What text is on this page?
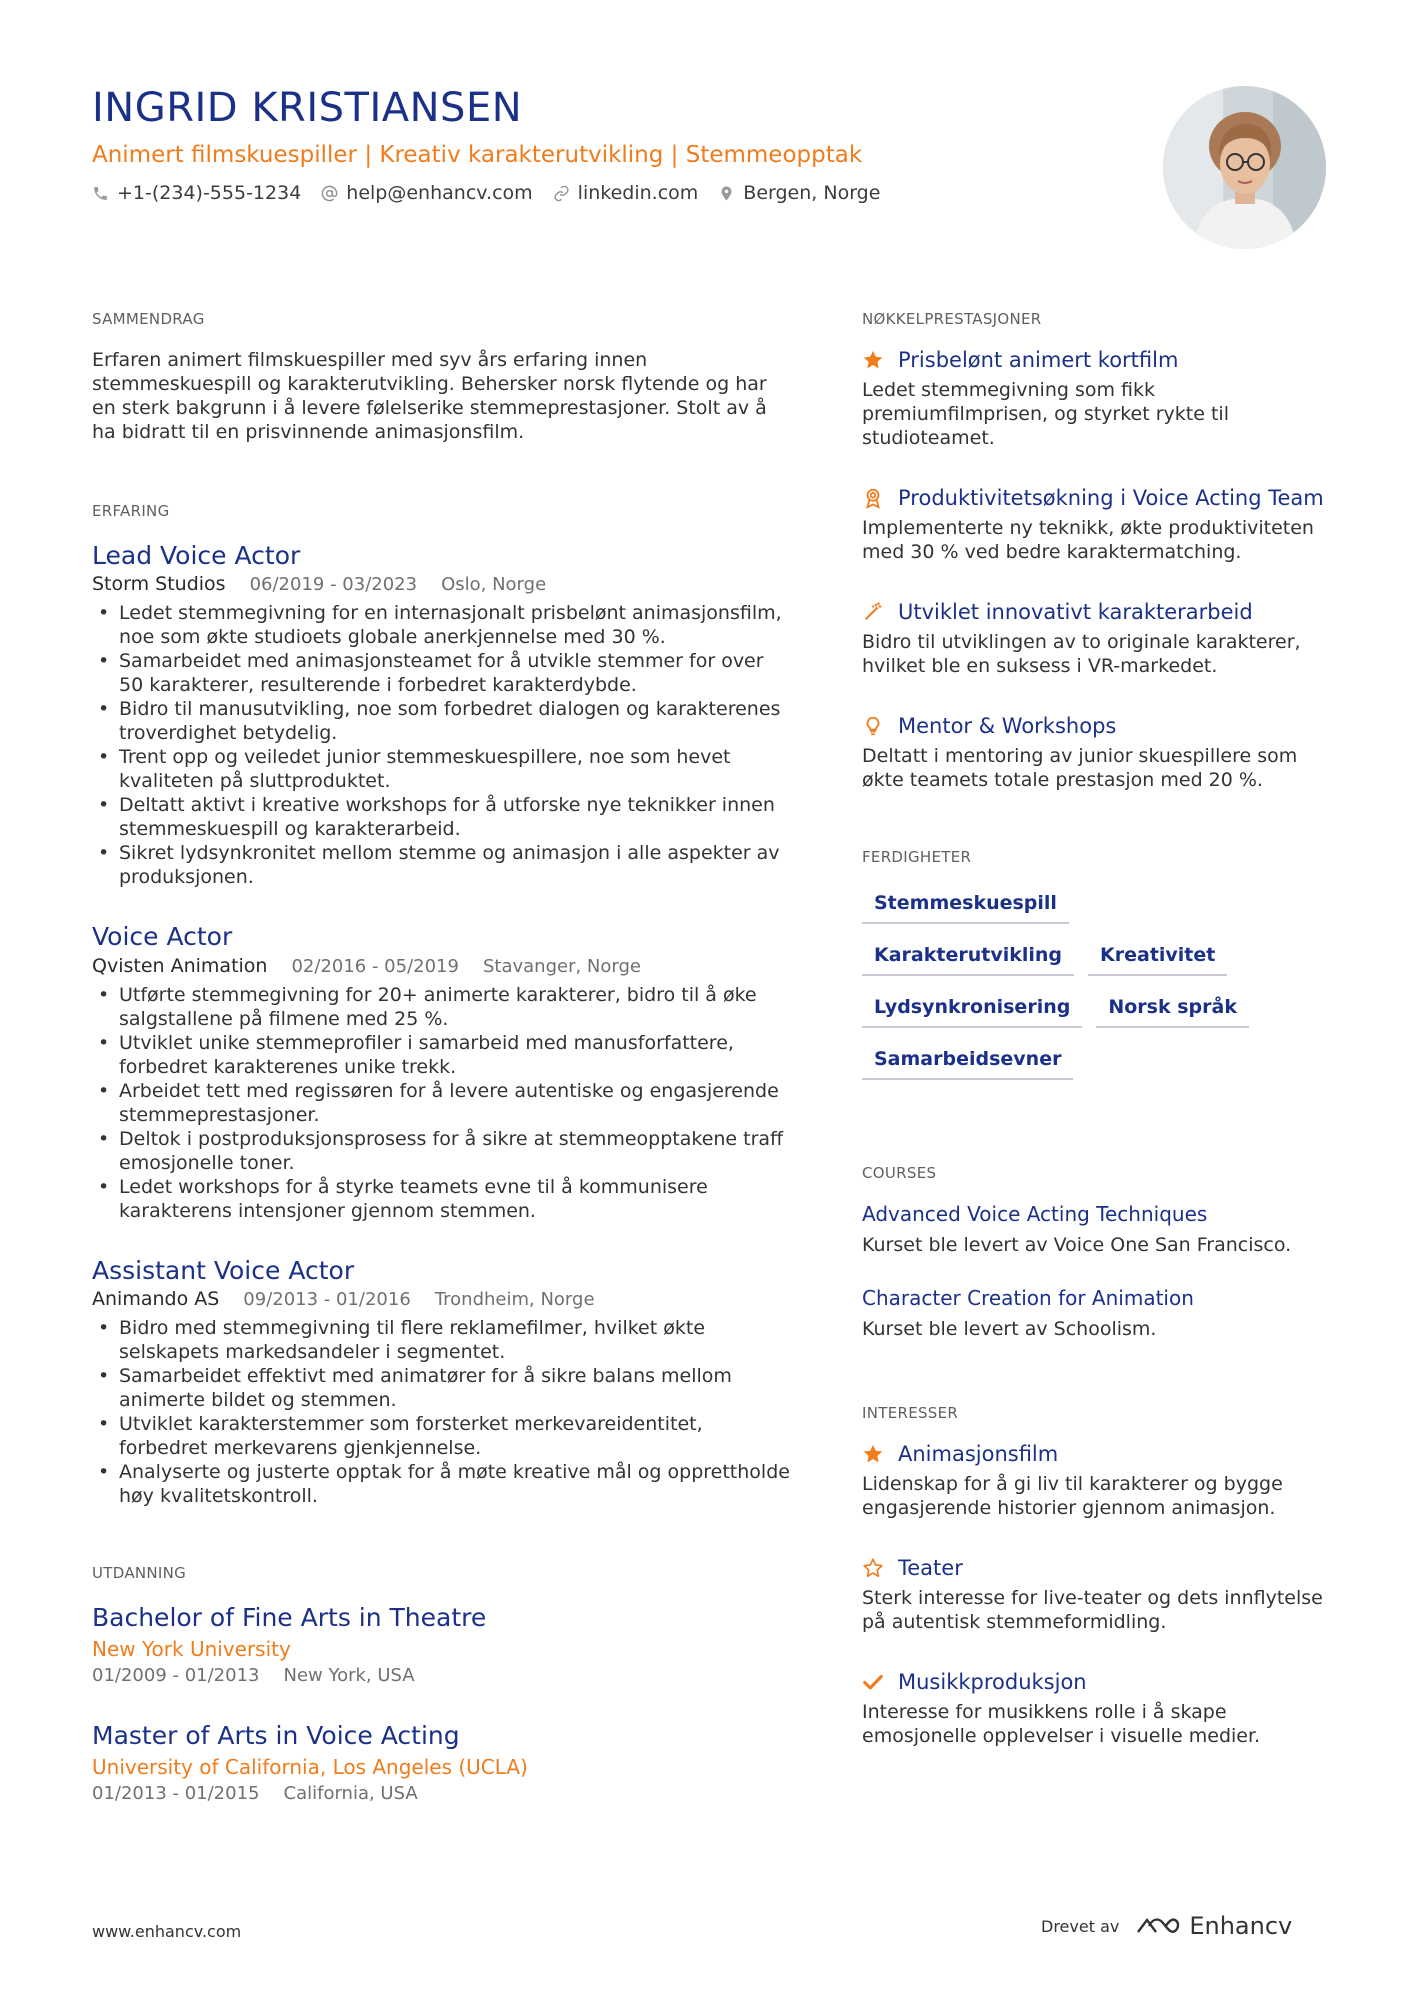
INGRID KRISTIANSEN
Animert filmskuespiller | Kreativ karakterutvikling | Stemmeopptak
+1-(234)-555-1234 help@enhancv.com linkedin.com Bergen, Norge
SAMMENDRAG

Erfaren animert filmskuespiller med syv års erfaring innen stemmeskuespill og karakterutvikling. Behersker norsk flytende og har en sterk bakgrunn i å levere følelserike stemmeprestasjoner. Stolt av å ha bidratt til en prisvinnende animasjonsfilm.

ERFARING
Lead Voice Actor
Storm Studios 06/2019 - 03/2023 Oslo, Norge
• Ledet stemmegivning for en internasjonalt prisbelønt animasjonsfilm, noe som økte studioets globale anerkjennelse med 30 %.
• Samarbeidet med animasjonsteamet for å utvikle stemmer for over 50 karakterer, resulterende i forbedret karakterdybde.
• Bidro til manusutvikling, noe som forbedret dialogen og karakterenes troverdighet betydelig.
• Trent opp og veiledet junior stemmeskuespillere, noe som hevet kvaliteten på sluttproduktet.
• Deltatt aktivt i kreative workshops for å utforske nye teknikker innen stemmeskuespill og karakterarbeid.
• Sikret lydsynkronitet mellom stemme og animasjon i alle aspekter av produksjonen.
Voice Actor
Qvisten Animation 02/2016 - 05/2019 Stavanger, Norge
• Utførte stemmegivning for 20+ animerte karakterer, bidro til å øke salgstallene på filmene med 25 %.
• Utviklet unike stemmeprofiler i samarbeid med manusforfattere, forbedret karakterenes unike trekk.
• Arbeidet tett med regissøren for å levere autentiske og engasjerende stemmeprestasjoner.
• Deltok i postproduksjonsprosess for å sikre at stemmeopptakene traff emosjonelle toner.
• Ledet workshops for å styrke teamets evne til å kommunisere karakterens intensjoner gjennom stemmen.
Assistant Voice Actor
Animando AS 09/2013 - 01/2016 Trondheim, Norge
• Bidro med stemmegivning til flere reklamefilmer, hvilket økte selskapets markedsandeler i segmentet.
• Samarbeidet effektivt med animatører for å sikre balans mellom animerte bildet og stemmen.
• Utviklet karakterstemmer som forsterket merkevareidentitet, forbedret merkevarens gjenkjennelse.
• Analyserte og justerte opptak for å møte kreative mål og opprettholde høy kvalitetskontroll.
UTDANNING
Bachelor of Fine Arts in Theatre
New York University
01/2009 - 01/2013 New York, USA
Master of Arts in Voice Acting
University of California, Los Angeles (UCLA)
01/2013 - 01/2015 California, USA
NØKKELPRESTASJONER
Prisbelønt animert kortfilm
Ledet stemmegivning som fikk premiumfilmprisen, og styrket rykte til studioteamet.
Produktivitetsøkning i Voice Acting Team
Implementerte ny teknikk, økte produktiviteten med 30 % ved bedre karaktermatching.
Utviklet innovativt karakterarbeid
Bidro til utviklingen av to originale karakterer, hvilket ble en suksess i VR-markedet.
Mentor & Workshops
Deltatt i mentoring av junior skuespillere som økte teamets totale prestasjon med 20 %.
FERDIGHETER
Stemmeskuespill
Karakterutvikling	Kreativitet
Lydsynkronisering	Norsk språk
Samarbeidsevner
COURSES
Advanced Voice Acting Techniques
Kurset ble levert av Voice One San Francisco.
Character Creation for Animation
Kurset ble levert av Schoolism.
INTERESSER
Animasjonsfilm
Lidenskap for å gi liv til karakterer og bygge engasjerende historier gjennom animasjon.
Teater
Sterk interesse for live-teater og dets innflytelse på autentisk stemmeformidling.
Musikkproduksjon
Interesse for musikkens rolle i å skape emosjonelle opplevelser i visuelle medier.
www.enhancv.com	Drevet av	Enhancv
